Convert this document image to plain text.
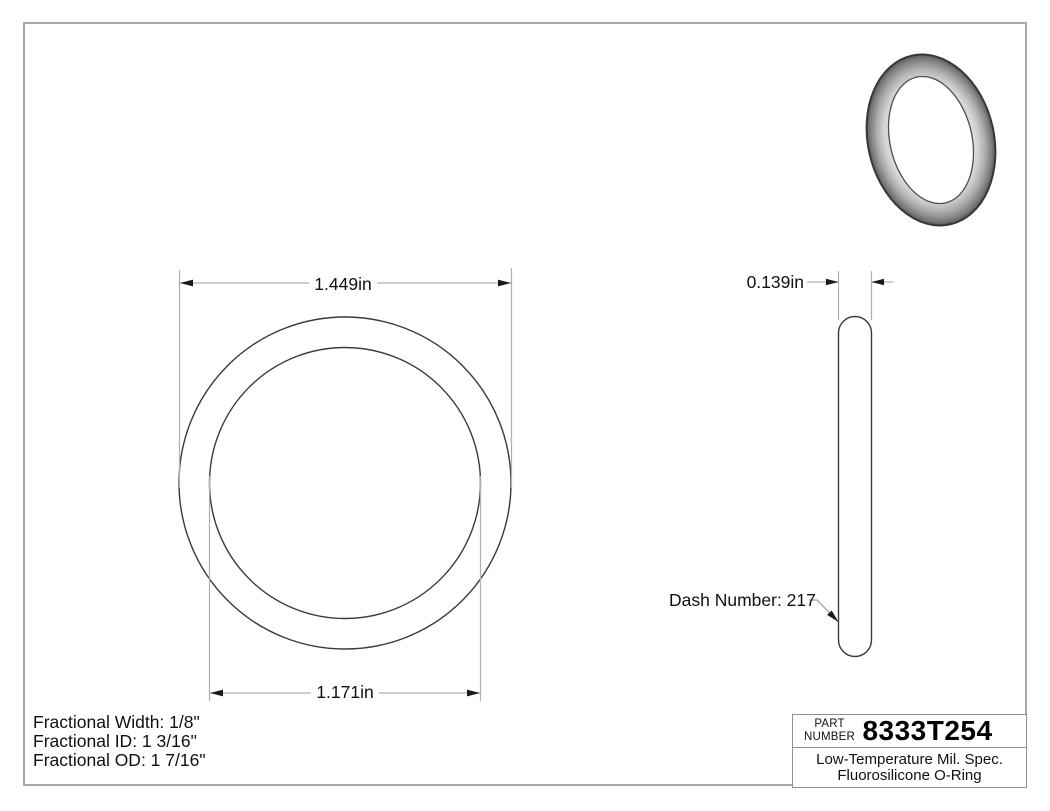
1.449in
1.171in
0.139in
Dash Number: 217
Fractional Width: 1/8"
Fractional ID: 1 3/16"
Fractional OD: 1 7/16"
PART
NUMBER 8333T254
Low-Temperature Mil. Spec.
Fluorosilicone O-Ring
